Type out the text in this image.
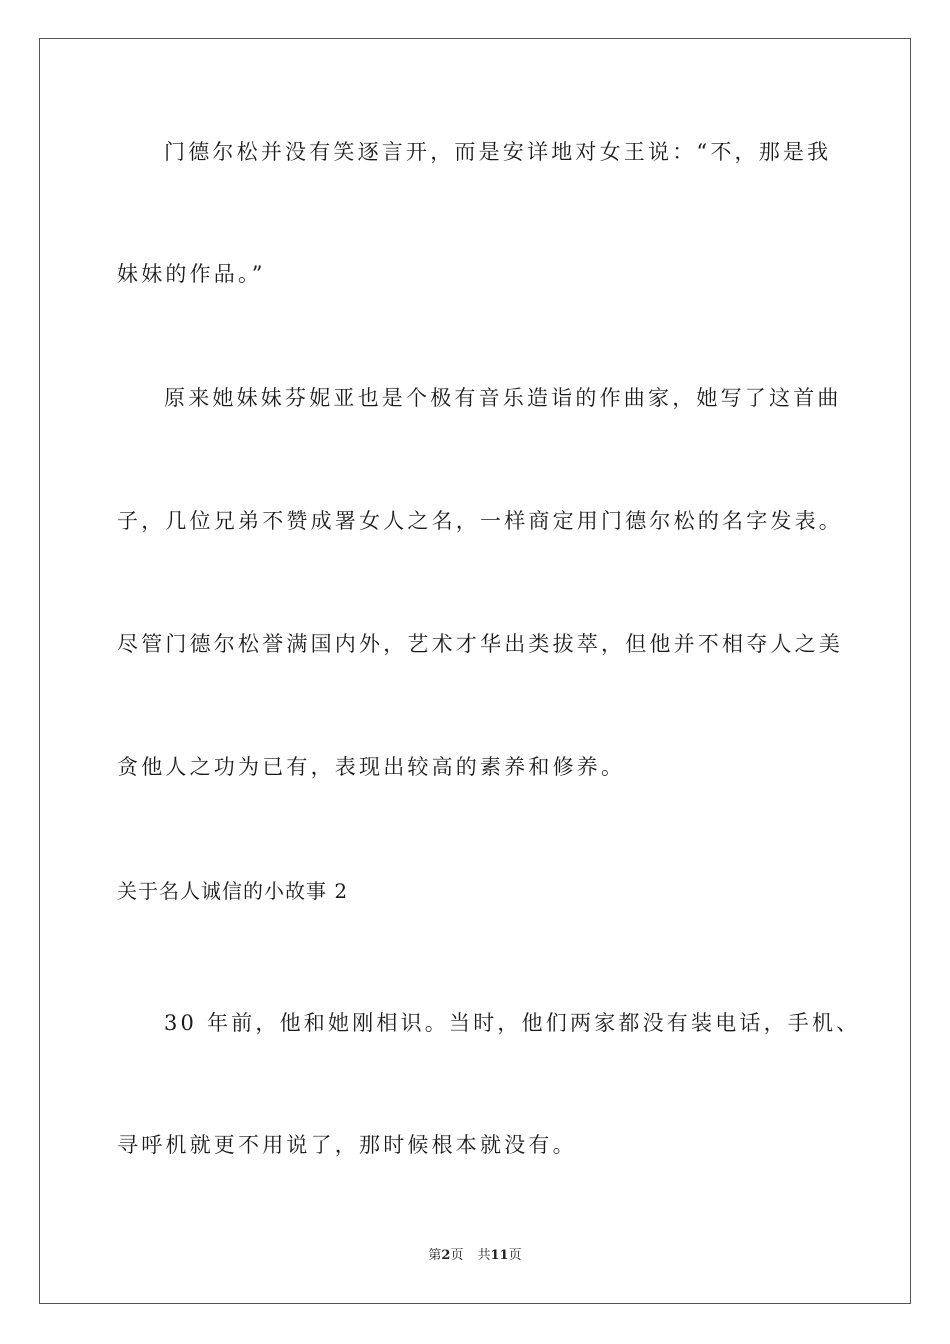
门德尔松并没有笑逐言开，而是安详地对女王说：“不，那是我
妹妹的作品。”
原来她妹妹芬妮亚也是个极有音乐造诣的作曲家，她写了这首曲
子，几位兄弟不赞成署女人之名，一样商定用门德尔松的名字发表。
尽管门德尔松誉满国内外，艺术才华出类拔萃，但他并不相夺人之美
贪他人之功为已有，表现出较高的素养和修养。
关于名人诚信的小故事 2
30 年前，他和她刚相识。当时，他们两家都没有装电话，手机、
寻呼机就更不用说了，那时候根本就没有。
第2页 共11页
